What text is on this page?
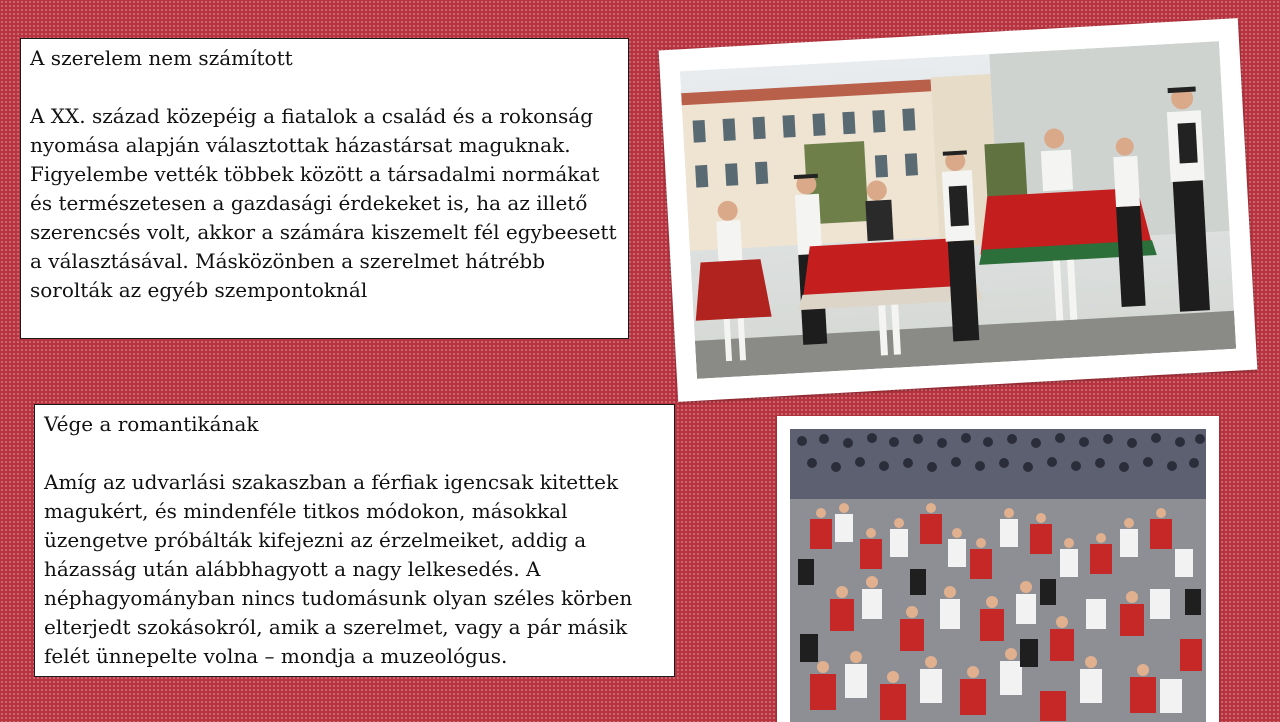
A szerelem nem számított
A XX. század közepéig a fiatalok a család és a rokonság nyomása alapján választottak házastársat maguknak. Figyelembe vették többek között a társadalmi normákat és természetesen a gazdasági érdekeket is, ha az illető szerencsés volt, akkor a számára kiszemelt fél egybeesett a választásával. Másközönben a szerelmet hátrébb sorolták az egyéb szempontoknál
Vége a romantikának
Amíg az udvarlási szakaszban a férfiak igencsak kitettek magukért, és mindenféle titkos módokon, másokkal üzengetve próbálták kifejezni az érzelmeiket, addig a házasság után alábbhagyott a nagy lelkesedés. A néphagyományban nincs tudomásunk olyan széles körben elterjedt szokásokról, amik a szerelmet, vagy a pár másik felét ünnepelte volna – mondja a muzeológus.
